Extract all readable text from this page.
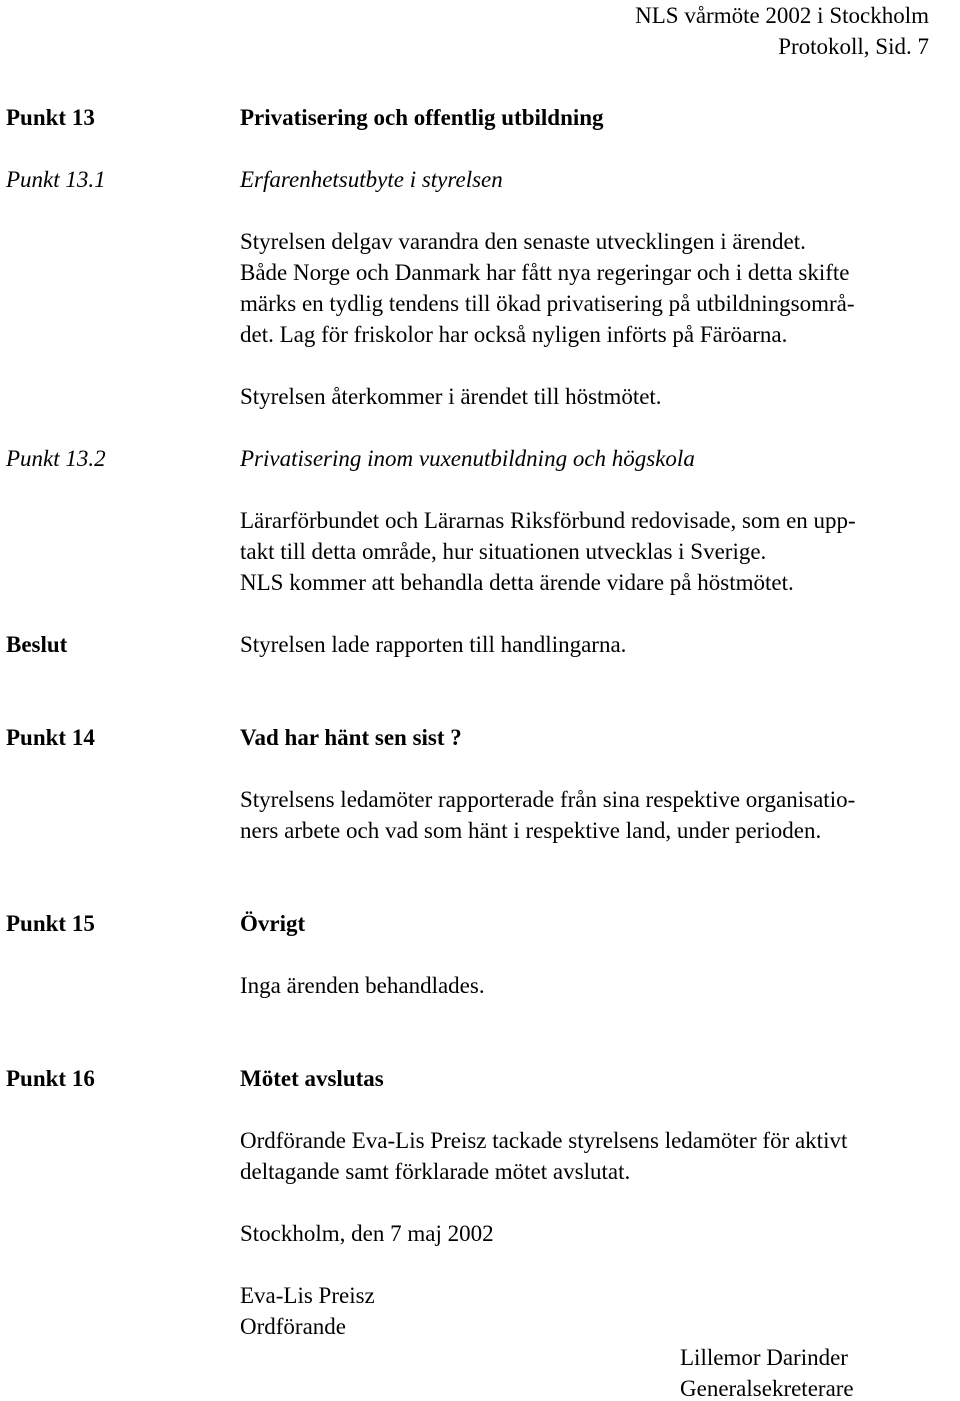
NLS vårmöte 2002 i Stockholm
Protokoll, Sid. 7
Punkt 13	Privatisering och offentlig utbildning
Punkt 13.1	Erfarenhetsutbyte i styrelsen
Styrelsen delgav varandra den senaste utvecklingen i ärendet.
Både Norge och Danmark har fått nya regeringar och i detta skifte
märks en tydlig tendens till ökad privatisering på utbildningsområ-
det. Lag för friskolor har också nyligen införts på Färöarna.
Styrelsen återkommer i ärendet till höstmötet.
Punkt 13.2	Privatisering inom vuxenutbildning och högskola
Lärarförbundet och Lärarnas Riksförbund redovisade, som en upp-
takt till detta område, hur situationen utvecklas i Sverige.
NLS kommer att behandla detta ärende vidare på höstmötet.
Beslut	Styrelsen lade rapporten till handlingarna.
Punkt 14	Vad har hänt sen sist ?
Styrelsens ledamöter rapporterade från sina respektive organisatio-
ners arbete och vad som hänt i respektive land, under perioden.
Punkt 15	Övrigt
Inga ärenden behandlades.
Punkt 16	Mötet avslutas
Ordförande Eva-Lis Preisz tackade styrelsens ledamöter för aktivt
deltagande samt förklarade mötet avslutat.
Stockholm, den 7 maj 2002
Eva-Lis Preisz
Ordförande
Lillemor Darinder
Generalsekreterare
